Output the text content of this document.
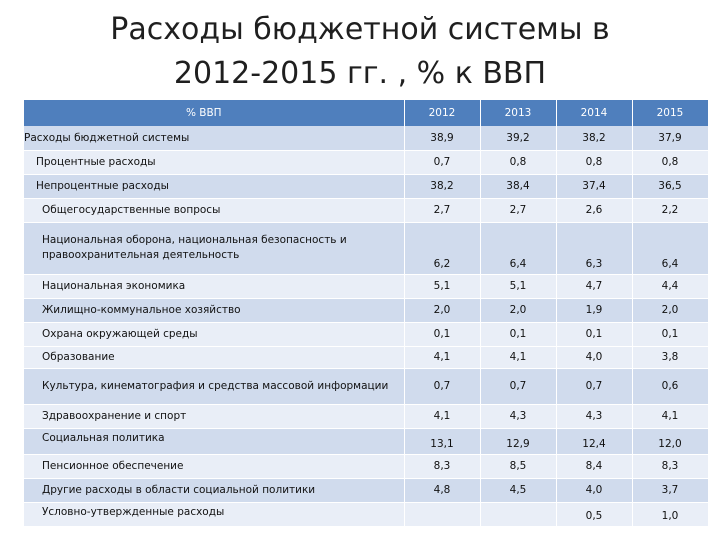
Расходы бюджетной системы в
2012-2015 гг. , % к ВВП
% ВВП	2012	2013	2014	2015
Расходы бюджетной системы	38,9	39,2	38,2	37,9
Процентные расходы	0,7	0,8	0,8	0,8
Непроцентные расходы	38,2	38,4	37,4	36,5
Общегосударственные вопросы	2,7	2,7	2,6	2,2
Национальная оборона, национальная безопасность и правоохранительная деятельность	6,2	6,4	6,3	6,4
Национальная экономика	5,1	5,1	4,7	4,4
Жилищно-коммунальное хозяйство	2,0	2,0	1,9	2,0
Охрана окружающей среды	0,1	0,1	0,1	0,1
Образование	4,1	4,1	4,0	3,8
Культура, кинематография и средства массовой информации	0,7	0,7	0,7	0,6
Здравоохранение и спорт	4,1	4,3	4,3	4,1
Социальная политика	13,1	12,9	12,4	12,0
Пенсионное обеспечение	8,3	8,5	8,4	8,3
Другие расходы в области социальной политики	4,8	4,5	4,0	3,7
Условно-утвержденные расходы			0,5	1,0
